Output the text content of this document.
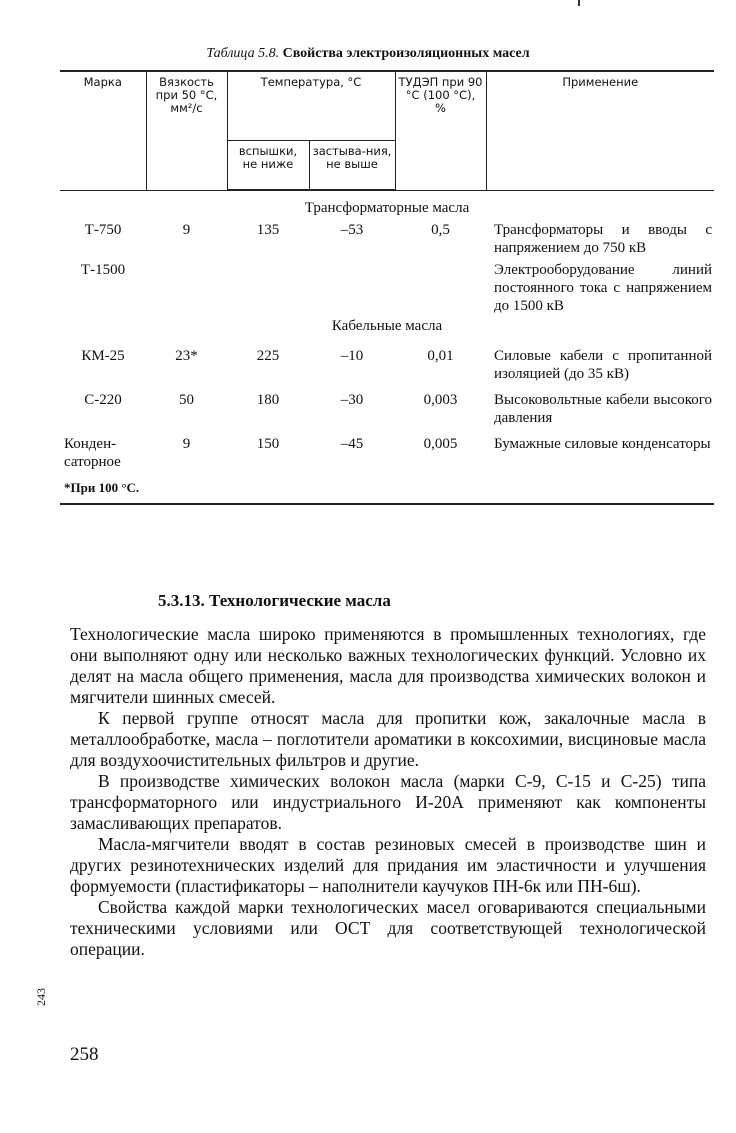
Таблица 5.8. Свойства электроизоляционных масел
Марка	Вязкость при 50 °С, мм²/с	Температура, °С		ТУДЭП при 90 °С (100 °С), %	Применение
		вспышки, не ниже	застыва-ния, не выше		
Трансформаторные масла					
Т-750	9	135	–53	0,5	Трансформаторы и вводы с напряжением до 750 кВ
Т-1500					Электрооборудование линий постоянного тока с напряжением до 1500 кВ
Кабельные масла					
КМ-25	23*	225	–10	0,01	Силовые кабели с пропитанной изоляцией (до 35 кВ)
С-220	50	180	–30	0,003	Высоковольтные кабели высокого давления
Конден-саторное	9	150	–45	0,005	Бумажные силовые конденсаторы
*При 100 °С.					
5.3.13. Технологические масла

Технологические масла широко применяются в промышленных технологиях, где они выполняют одну или несколько важных технологических функций. Условно их делят на масла общего применения, масла для производства химических волокон и мягчители шинных смесей.

К первой группе относят масла для пропитки кож, закалочные масла в металлообработке, масла – поглотители ароматики в коксохимии, висциновые масла для воздухоочистительных фильтров и другие.

В производстве химических волокон масла (марки С-9, С-15 и С-25) типа трансформаторного или индустриального И-20А применяют как компоненты замасливающих препаратов.

Масла-мягчители вводят в состав резиновых смесей в производстве шин и других резинотехнических изделий для придания им эластичности и улучшения формуемости (пластификаторы – наполнители каучуков ПН-6к или ПН-6ш).

Свойства каждой марки технологических масел оговариваются специальными техническими условиями или ОСТ для соответствующей технологической операции.

243
258
